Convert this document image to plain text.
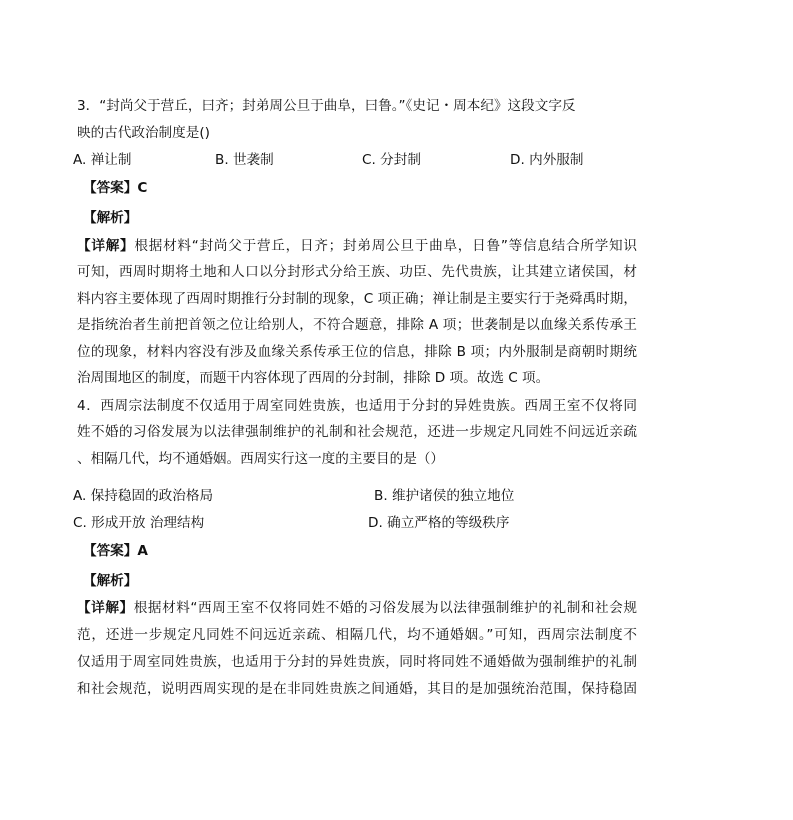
3．“封尚父于营丘，曰齐；封弟周公旦于曲阜，曰鲁。”《史记・周本纪》这段文字反
映的古代政治制度是()
A. 禅让制	B. 世袭制	C. 分封制	D. 内外服制
【答案】C
【解析】
【详解】根据材料“封尚父于营丘，日齐；封弟周公旦于曲阜，日鲁”等信息结合所学知识
可知，西周时期将土地和人口以分封形式分给王族、功臣、先代贵族，让其建立诸侯国，材
料内容主要体现了西周时期推行分封制的现象，C 项正确；禅让制是主要实行于尧舜禹时期，
是指统治者生前把首领之位让给别人，不符合题意，排除 A 项；世袭制是以血缘关系传承王
位的现象，材料内容没有涉及血缘关系传承王位的信息，排除 B 项；内外服制是商朝时期统
治周围地区的制度，而题干内容体现了西周的分封制，排除 D 项。故选 C 项。
4．西周宗法制度不仅适用于周室同姓贵族，也适用于分封的异姓贵族。西周王室不仅将同
姓不婚的习俗发展为以法律强制维护的礼制和社会规范，还进一步规定凡同姓不问远近亲疏
、相隔几代，均不通婚姻。西周实行这一度的主要目的是（）
A. 保持稳固的政治格局	B. 维护诸侯的独立地位
C. 形成开放 治理结构	D. 确立严格的等级秩序
【答案】A
【解析】
【详解】根据材料“西周王室不仅将同姓不婚的习俗发展为以法律强制维护的礼制和社会规
范，还进一步规定凡同姓不问远近亲疏、相隔几代，均不通婚姻。”可知，西周宗法制度不
仅适用于周室同姓贵族，也适用于分封的异姓贵族，同时将同姓不通婚做为强制维护的礼制
和社会规范，说明西周实现的是在非同姓贵族之间通婚，其目的是加强统治范围，保持稳固
